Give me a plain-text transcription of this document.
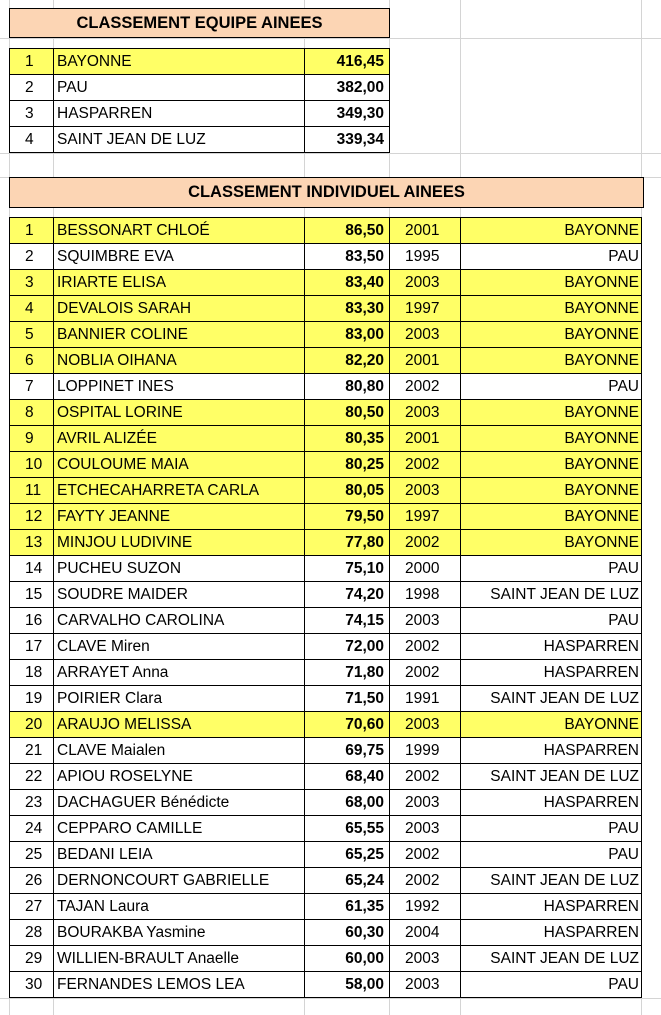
CLASSEMENT EQUIPE AINEES
1	BAYONNE	416,45
2	PAU	382,00
3	HASPARREN	349,30
4	SAINT JEAN DE LUZ	339,34
CLASSEMENT INDIVIDUEL AINEES
1	BESSONART CHLOÉ	86,50	2001	BAYONNE
2	SQUIMBRE EVA	83,50	1995	PAU
3	IRIARTE ELISA	83,40	2003	BAYONNE
4	DEVALOIS SARAH	83,30	1997	BAYONNE
5	BANNIER COLINE	83,00	2003	BAYONNE
6	NOBLIA OIHANA	82,20	2001	BAYONNE
7	LOPPINET INES	80,80	2002	PAU
8	OSPITAL LORINE	80,50	2003	BAYONNE
9	AVRIL ALIZÉE	80,35	2001	BAYONNE
10 COULOUME MAIA	80,25	2002	BAYONNE
11	ETCHECAHARRETA CARLA	80,05	2003	BAYONNE
12 FAYTY JEANNE	79,50	1997	BAYONNE
13 MINJOU LUDIVINE	77,80	2002	BAYONNE
14 PUCHEU SUZON	75,10	2000	PAU
15 SOUDRE MAIDER	74,20	1998	SAINT JEAN DE LUZ
16 CARVALHO CAROLINA	74,15	2003	PAU
17 CLAVE Miren	72,00	2002	HASPARREN
18 ARRAYET Anna	71,80	2002	HASPARREN
19 POIRIER Clara	71,50	1991	SAINT JEAN DE LUZ
20 ARAUJO MELISSA	70,60	2003	BAYONNE
21 CLAVE Maialen	69,75	1999	HASPARREN
22 APIOU ROSELYNE	68,40	2002	SAINT JEAN DE LUZ
23 DACHAGUER Bénédicte	68,00	2003	HASPARREN
24 CEPPARO CAMILLE	65,55	2003	PAU
25 BEDANI LEIA	65,25	2002	PAU
26 DERNONCOURT GABRIELLE	65,24	2002	SAINT JEAN DE LUZ
27 TAJAN Laura	61,35	1992	HASPARREN
28 BOURAKBA Yasmine	60,30	2004	HASPARREN
29 WILLIEN-BRAULT Anaelle	60,00	2003	SAINT JEAN DE LUZ
30 FERNANDES LEMOS LEA	58,00	2003	PAU
